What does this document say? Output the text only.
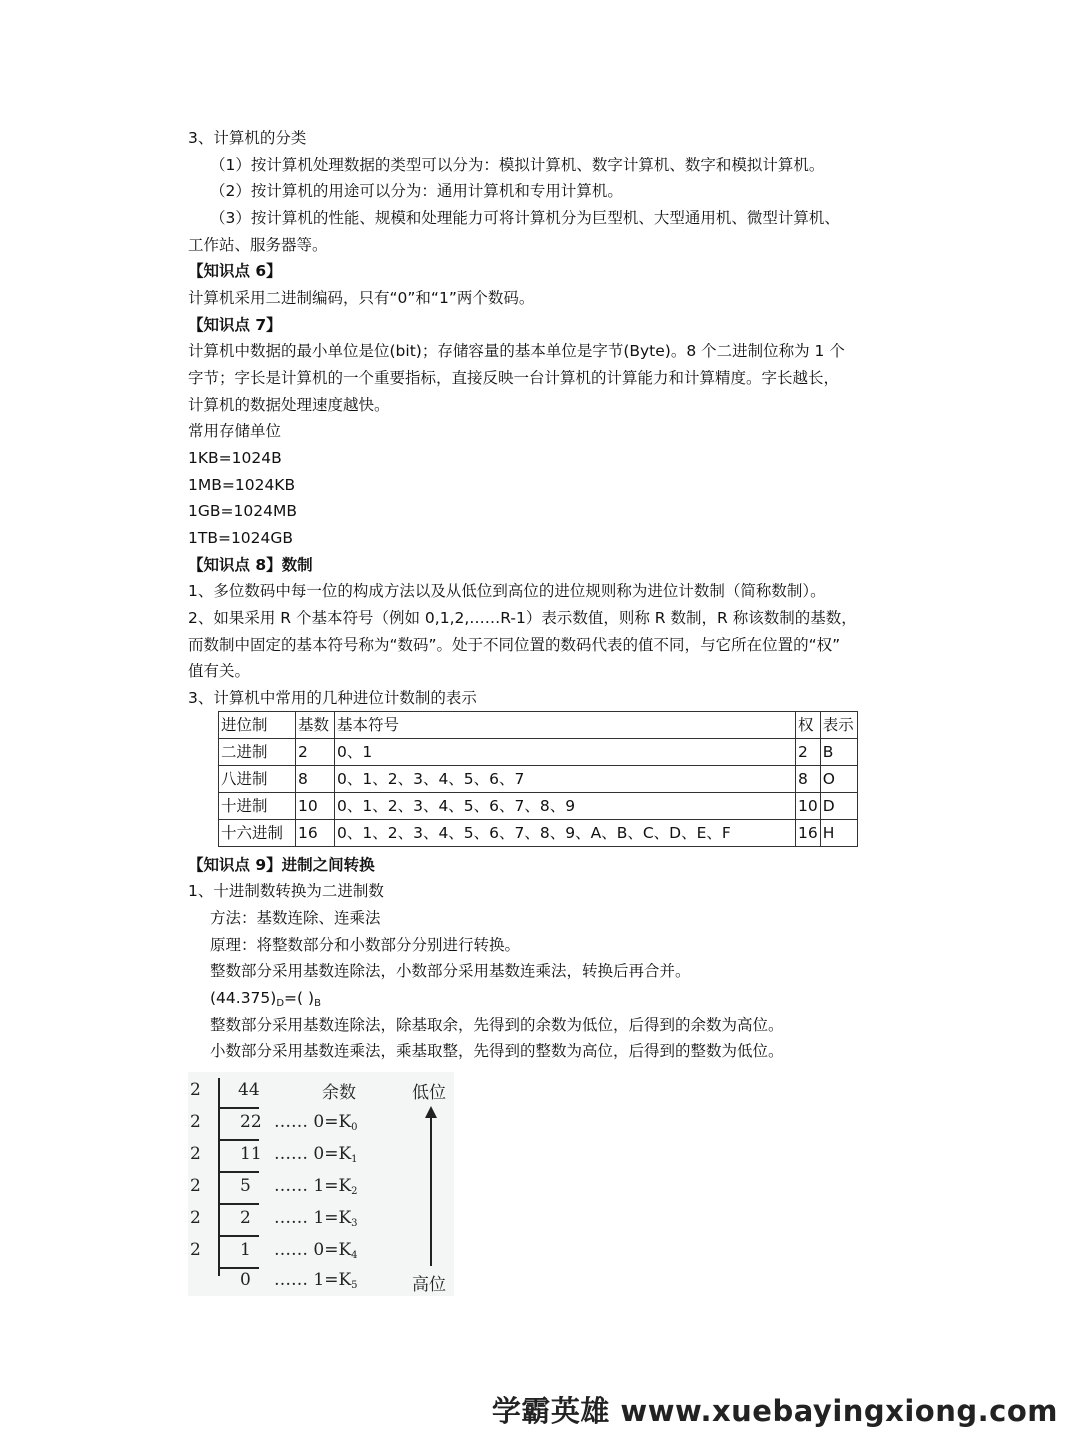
3、计算机的分类
（1）按计算机处理数据的类型可以分为：模拟计算机、数字计算机、数字和模拟计算机。
（2）按计算机的用途可以分为：通用计算机和专用计算机。
（3）按计算机的性能、规模和处理能力可将计算机分为巨型机、大型通用机、微型计算机、
工作站、服务器等。
【知识点 6】
计算机采用二进制编码，只有“0”和“1”两个数码。
【知识点 7】
计算机中数据的最小单位是位(bit)；存储容量的基本单位是字节(Byte)。8 个二进制位称为 1 个
字节；字长是计算机的一个重要指标，直接反映一台计算机的计算能力和计算精度。字长越长，
计算机的数据处理速度越快。
常用存储单位
1KB=1024B
1MB=1024KB
1GB=1024MB
1TB=1024GB
【知识点 8】数制
1、多位数码中每一位的构成方法以及从低位到高位的进位规则称为进位计数制（简称数制）。
2、如果采用 R 个基本符号（例如 0,1,2,……R-1）表示数值，则称 R 数制，R 称该数制的基数，
而数制中固定的基本符号称为“数码”。处于不同位置的数码代表的值不同，与它所在位置的“权”
值有关。
3、计算机中常用的几种进位计数制的表示
进位制	基数	基本符号	权	表示
二进制	2	0、1	2	B
八进制	8	0、1、2、3、4、5、6、7	8	O
十进制	10	0、1、2、3、4、5、6、7、8、9	10	D
十六进制	16	0、1、2、3、4、5、6、7、8、9、A、B、C、D、E、F	16	H
【知识点 9】进制之间转换
1、十进制数转换为二进制数
方法：基数连除、连乘法
原理：将整数部分和小数部分分别进行转换。
整数部分采用基数连除法，小数部分采用基数连乘法，转换后再合并。
$(44.375)_D=$( )$_B$
整数部分采用基数连除法，除基取余，先得到的余数为低位，后得到的余数为高位。
小数部分采用基数连乘法，乘基取整，先得到的整数为高位，后得到的整数为低位。
2
2
2
2
2
2
44
22
11
5
2
1
0
余数	低位
高位
…… $0=K_0$
…… $0=K_1$
…… $1=K_2$
…… $1=K_3$
…… $0=K_4$
…… $1=K_5$
学霸英雄 www.xuebayingxiong.com
